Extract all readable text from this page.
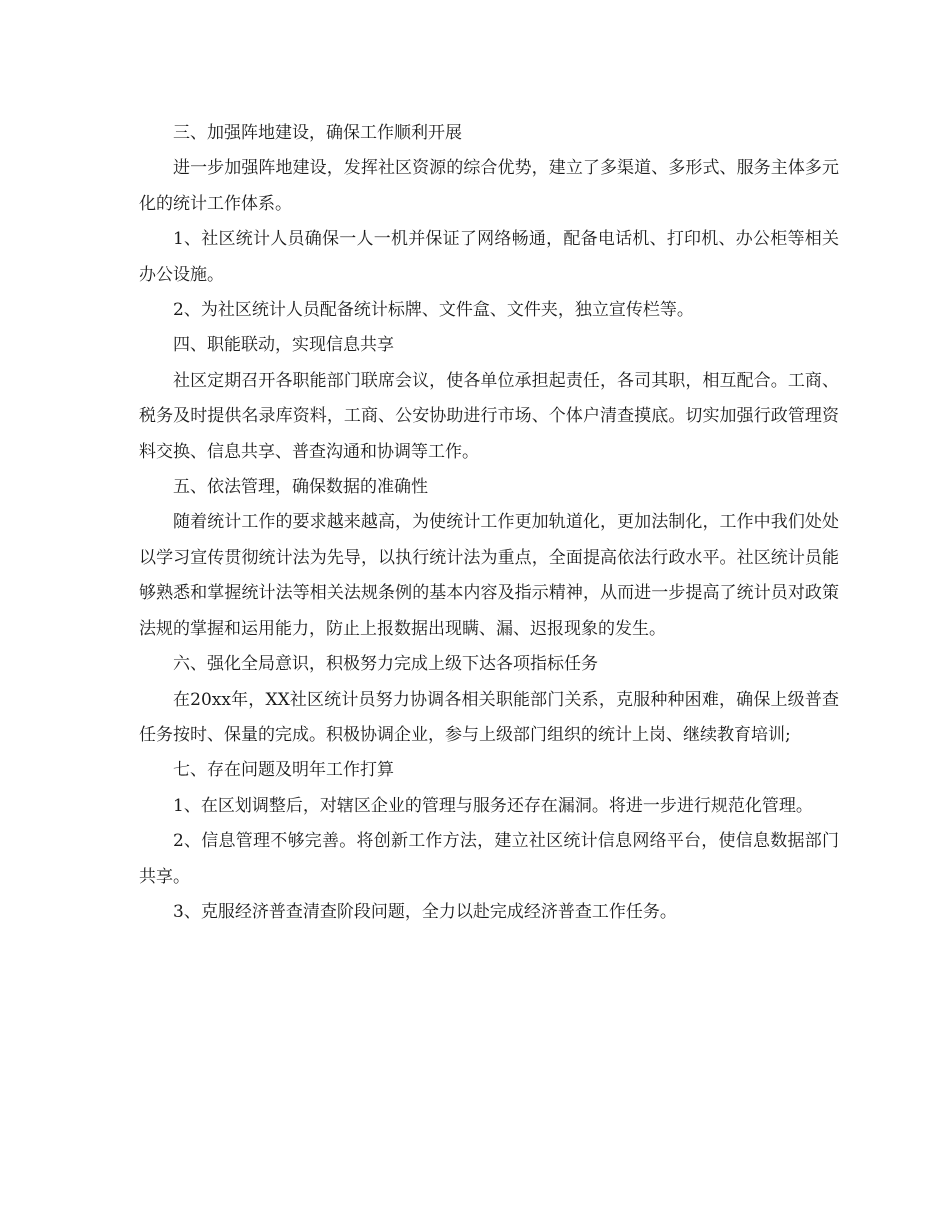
三、加强阵地建设，确保工作顺利开展

进一步加强阵地建设，发挥社区资源的综合优势，建立了多渠道、多形式、服务主体多元化的统计工作体系。

1、社区统计人员确保一人一机并保证了网络畅通，配备电话机、打印机、办公柜等相关办公设施。

2、为社区统计人员配备统计标牌、文件盒、文件夹，独立宣传栏等。

四、职能联动，实现信息共享

社区定期召开各职能部门联席会议，使各单位承担起责任，各司其职，相互配合。工商、税务及时提供名录库资料，工商、公安协助进行市场、个体户清查摸底。切实加强行政管理资料交换、信息共享、普查沟通和协调等工作。

五、依法管理，确保数据的准确性

随着统计工作的要求越来越高，为使统计工作更加轨道化，更加法制化，工作中我们处处以学习宣传贯彻统计法为先导，以执行统计法为重点，全面提高依法行政水平。社区统计员能够熟悉和掌握统计法等相关法规条例的基本内容及指示精神，从而进一步提高了统计员对政策法规的掌握和运用能力，防止上报数据出现瞒、漏、迟报现象的发生。

六、强化全局意识，积极努力完成上级下达各项指标任务

在20xx年，XX社区统计员努力协调各相关职能部门关系，克服种种困难，确保上级普查任务按时、保量的完成。积极协调企业，参与上级部门组织的统计上岗、继续教育培训;

七、存在问题及明年工作打算

1、在区划调整后，对辖区企业的管理与服务还存在漏洞。将进一步进行规范化管理。

2、信息管理不够完善。将创新工作方法，建立社区统计信息网络平台，使信息数据部门共享。

3、克服经济普查清查阶段问题，全力以赴完成经济普查工作任务。
